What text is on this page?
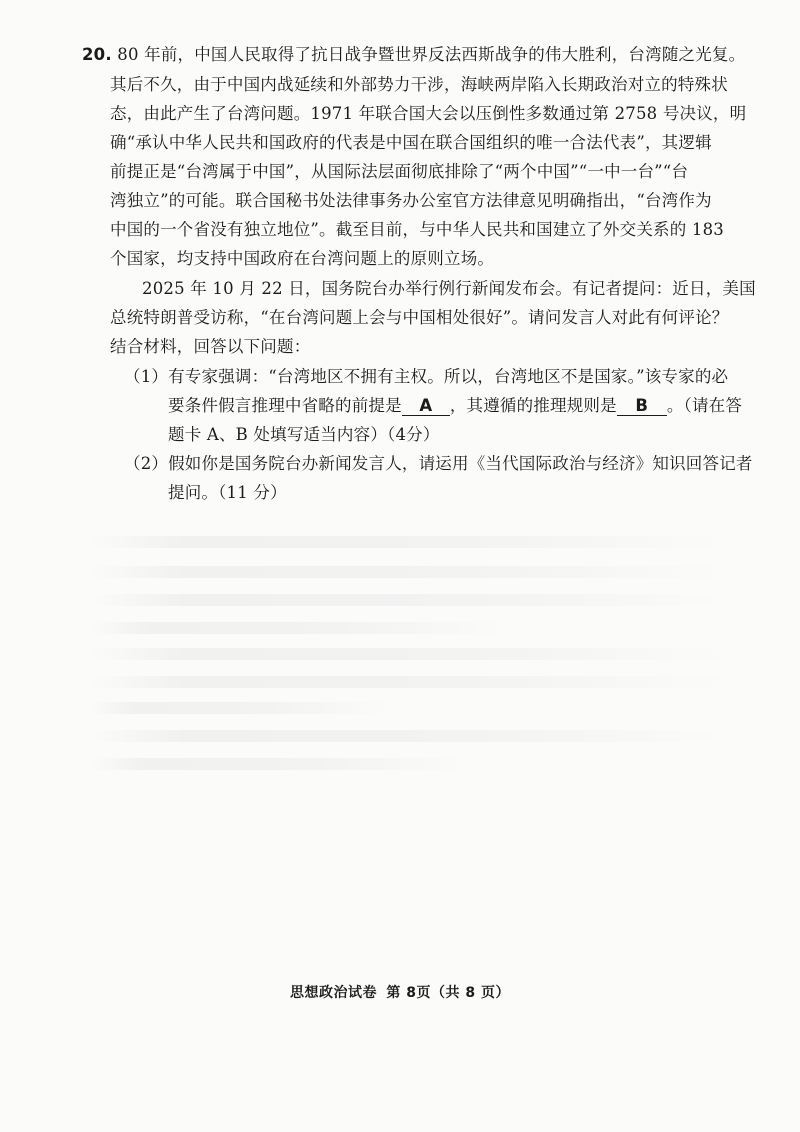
20. 80 年前，中国人民取得了抗日战争暨世界反法西斯战争的伟大胜利，台湾随之光复。
其后不久，由于中国内战延续和外部势力干涉，海峡两岸陷入长期政治对立的特殊状
态，由此产生了台湾问题。1971 年联合国大会以压倒性多数通过第 2758 号决议，明
确“承认中华人民共和国政府的代表是中国在联合国组织的唯一合法代表”，其逻辑
前提正是“台湾属于中国”，从国际法层面彻底排除了“两个中国”“一中一台”“台
湾独立”的可能。联合国秘书处法律事务办公室官方法律意见明确指出，“台湾作为
中国的一个省没有独立地位”。截至目前，与中华人民共和国建立了外交关系的 183
个国家，均支持中国政府在台湾问题上的原则立场。
2025 年 10 月 22 日，国务院台办举行例行新闻发布会。有记者提问：近日，美国
总统特朗普受访称，“在台湾问题上会与中国相处很好”。请问发言人对此有何评论？
结合材料，回答以下问题：
（1）有专家强调：“台湾地区不拥有主权。所以，台湾地区不是国家。”该专家的必
要条件假言推理中省略的前提是 A ，其遵循的推理规则是 B 。（请在答
题卡 A、B 处填写适当内容）（4分）
（2）假如你是国务院台办新闻发言人，请运用《当代国际政治与经济》知识回答记者
提问。（11 分）
思想政治试卷 第 8页（共 8 页）
